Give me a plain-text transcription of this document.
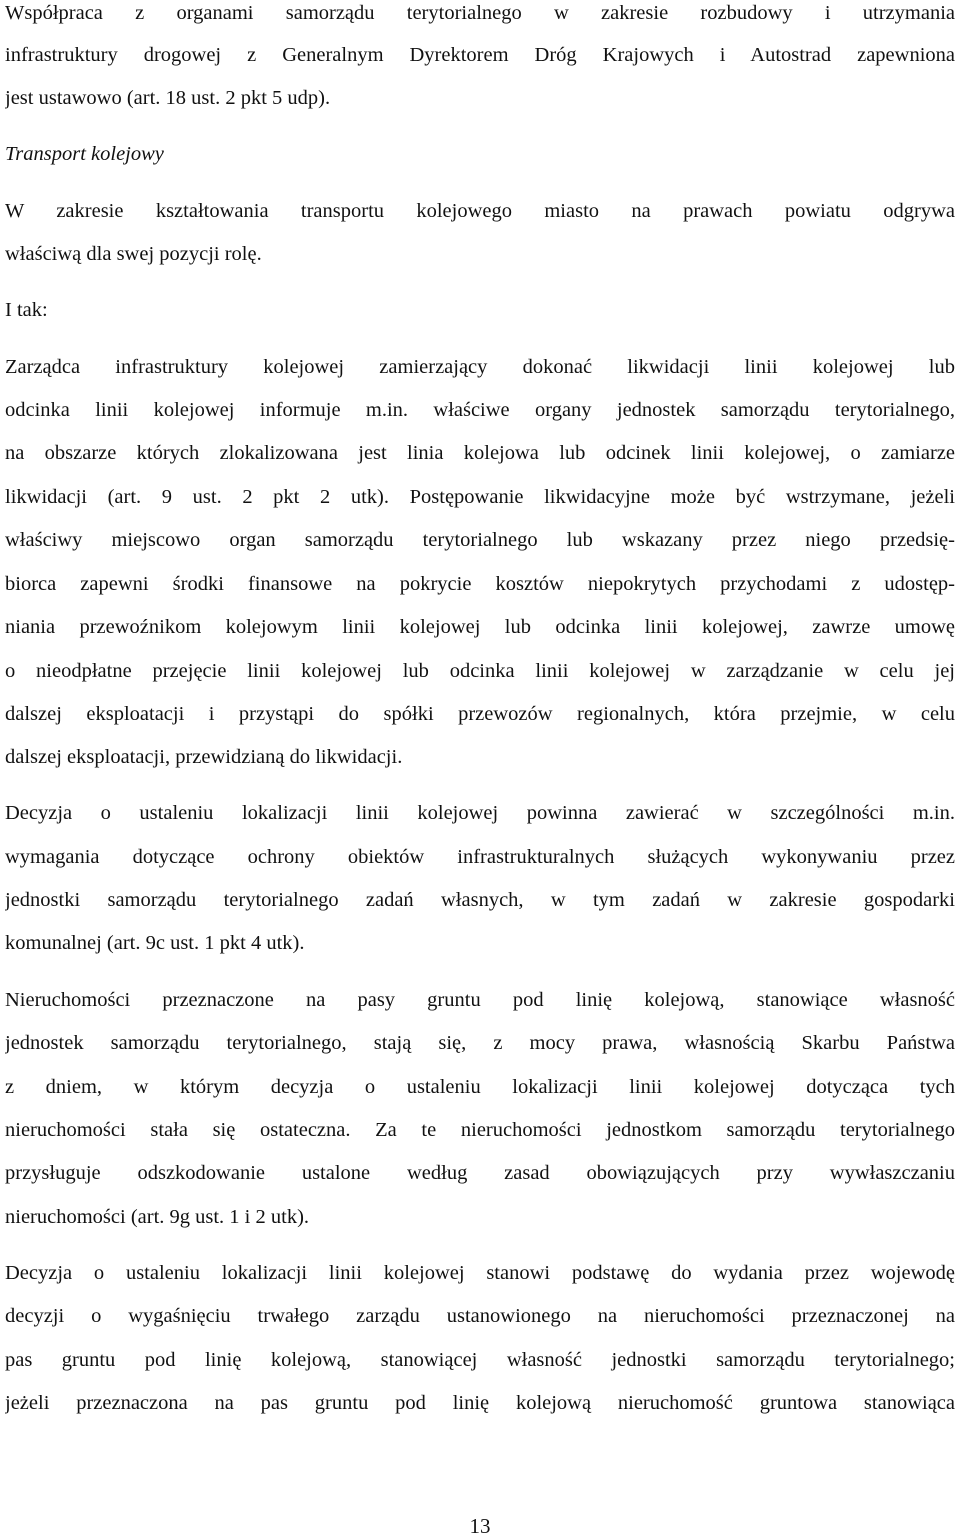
Współpraca z organami samorządu terytorialnego w zakresie rozbudowy i utrzymania
infrastruktury drogowej z Generalnym Dyrektorem Dróg Krajowych i Autostrad zapewniona
jest ustawowo (art. 18 ust. 2 pkt 5 udp).
Transport kolejowy
W zakresie kształtowania transportu kolejowego miasto na prawach powiatu odgrywa
właściwą dla swej pozycji rolę.
I tak:
Zarządca infrastruktury kolejowej zamierzający dokonać likwidacji linii kolejowej lub
odcinka linii kolejowej informuje m.in. właściwe organy jednostek samorządu terytorialnego,
na obszarze których zlokalizowana jest linia kolejowa lub odcinek linii kolejowej, o zamiarze
likwidacji (art. 9 ust. 2 pkt 2 utk). Postępowanie likwidacyjne może być wstrzymane, jeżeli
właściwy miejscowo organ samorządu terytorialnego lub wskazany przez niego przedsię-
biorca zapewni środki finansowe na pokrycie kosztów niepokrytych przychodami z udostęp-
niania przewoźnikom kolejowym linii kolejowej lub odcinka linii kolejowej, zawrze umowę
o nieodpłatne przejęcie linii kolejowej lub odcinka linii kolejowej w zarządzanie w celu jej
dalszej eksploatacji i przystąpi do spółki przewozów regionalnych, która przejmie, w celu
dalszej eksploatacji, przewidzianą do likwidacji.
Decyzja o ustaleniu lokalizacji linii kolejowej powinna zawierać w szczególności m.in.
wymagania dotyczące ochrony obiektów infrastrukturalnych służących wykonywaniu przez
jednostki samorządu terytorialnego zadań własnych, w tym zadań w zakresie gospodarki
komunalnej (art. 9c ust. 1 pkt 4 utk).
Nieruchomości przeznaczone na pasy gruntu pod linię kolejową, stanowiące własność
jednostek samorządu terytorialnego, stają się, z mocy prawa, własnością Skarbu Państwa
z dniem, w którym decyzja o ustaleniu lokalizacji linii kolejowej dotycząca tych
nieruchomości stała się ostateczna. Za te nieruchomości jednostkom samorządu terytorialnego
przysługuje odszkodowanie ustalone według zasad obowiązujących przy wywłaszczaniu
nieruchomości (art. 9g ust. 1 i 2 utk).
Decyzja o ustaleniu lokalizacji linii kolejowej stanowi podstawę do wydania przez wojewodę
decyzji o wygaśnięciu trwałego zarządu ustanowionego na nieruchomości przeznaczonej na
pas gruntu pod linię kolejową, stanowiącej własność jednostki samorządu terytorialnego;
jeżeli przeznaczona na pas gruntu pod linię kolejową nieruchomość gruntowa stanowiąca
13
